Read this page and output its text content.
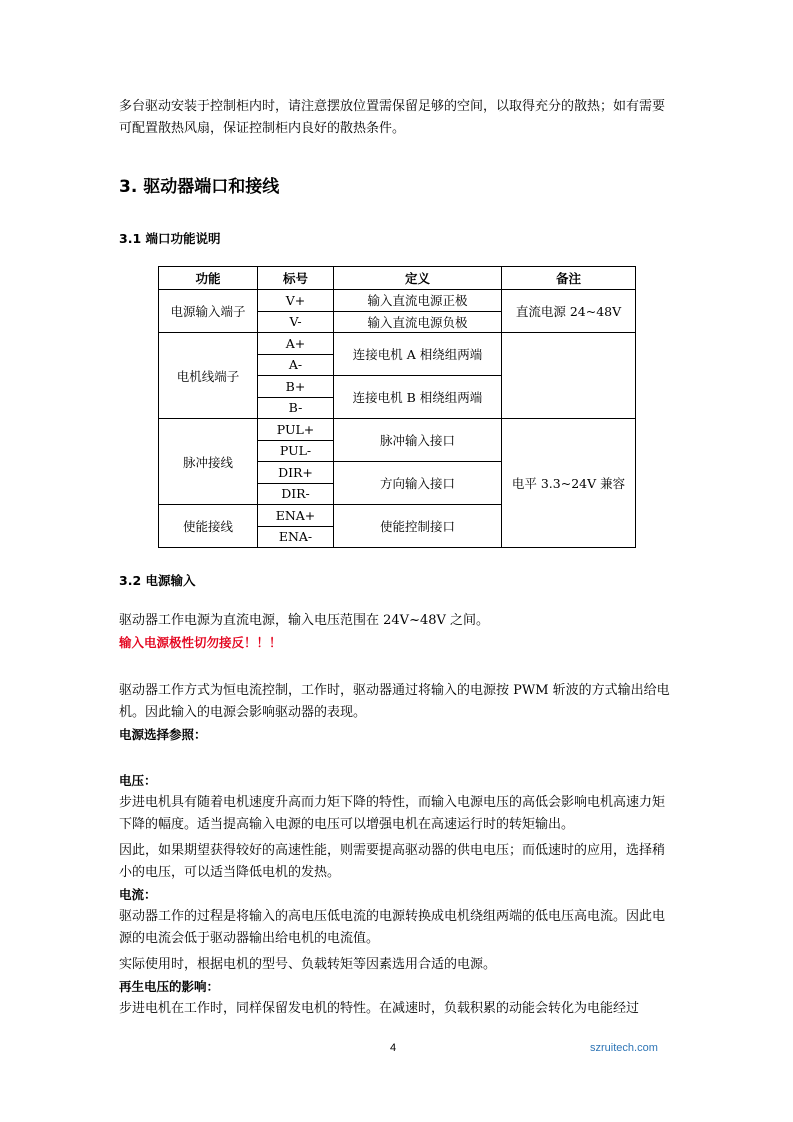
多台驱动安装于控制柜内时，请注意摆放位置需保留足够的空间，以取得充分的散热；如有需要可配置散热风扇，保证控制柜内良好的散热条件。

3. 驱动器端口和接线
3.1 端口功能说明
功能	标号	定义	备注
电源输入端子	V+	输入直流电源正极	直流电源 24~48V
	V-	输入直流电源负极	
电机线端子	A+	连接电机 A 相绕组两端	
	A-		
	B+	连接电机 B 相绕组两端	
	B-		
脉冲接线	PUL+	脉冲输入接口	电平 3.3~24V 兼容
	PUL-		
	DIR+	方向输入接口	
	DIR-		
使能接线	ENA+	使能控制接口	
	ENA-		
3.2 电源输入

驱动器工作电源为直流电源，输入电压范围在 24V~48V 之间。

输入电源极性切勿接反！！！

驱动器工作方式为恒电流控制，工作时，驱动器通过将输入的电源按 PWM 斩波的方式输出给电机。因此输入的电源会影响驱动器的表现。

电源选择参照：

电压：

步进电机具有随着电机速度升高而力矩下降的特性，而输入电源电压的高低会影响电机高速力矩下降的幅度。适当提高输入电源的电压可以增强电机在高速运行时的转矩输出。

因此，如果期望获得较好的高速性能，则需要提高驱动器的供电电压；而低速时的应用，选择稍小的电压，可以适当降低电机的发热。

电流：

驱动器工作的过程是将输入的高电压低电流的电源转换成电机绕组两端的低电压高电流。因此电源的电流会低于驱动器输出给电机的电流值。

实际使用时，根据电机的型号、负载转矩等因素选用合适的电源。

再生电压的影响：

步进电机在工作时，同样保留发电机的特性。在减速时，负载积累的动能会转化为电能经过

4	szruitech.com
